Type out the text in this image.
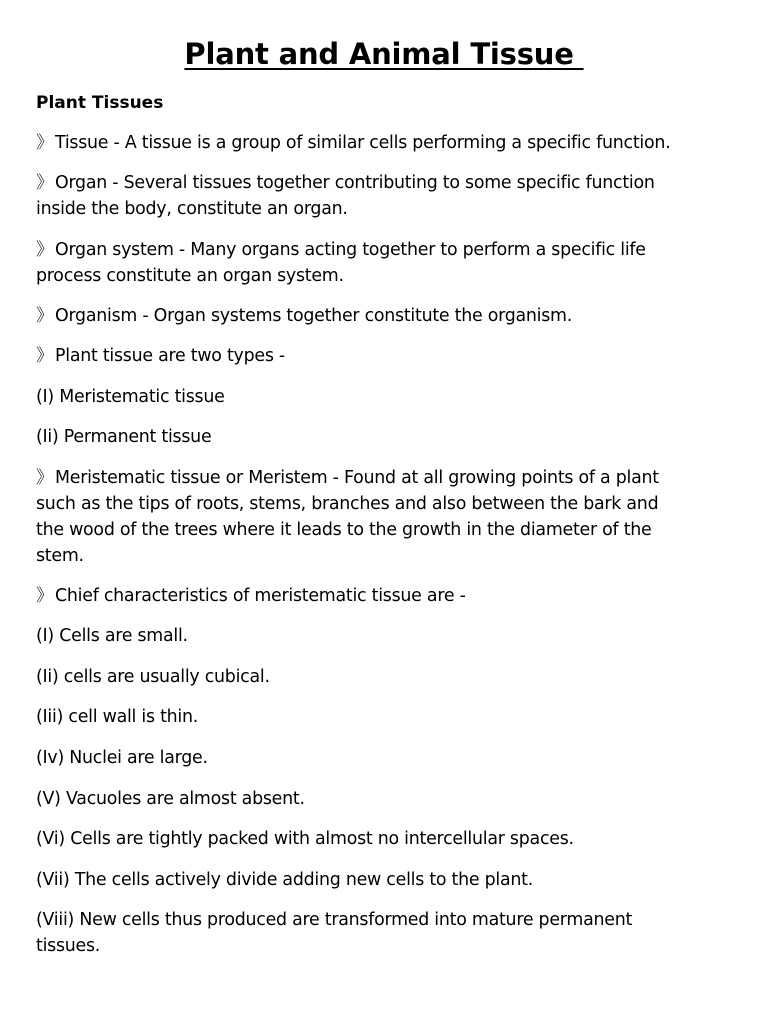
Plant and Animal Tissue
Plant Tissues
》 Tissue - A tissue is a group of similar cells performing a specific function.
》 Organ - Several tissues together contributing to some specific function
inside the body, constitute an organ.
》 Organ system - Many organs acting together to perform a specific life
process constitute an organ system.
》 Organism - Organ systems together constitute the organism.
》 Plant tissue are two types -
(I) Meristematic tissue
(Ii) Permanent tissue
》 Meristematic tissue or Meristem - Found at all growing points of a plant
such as the tips of roots, stems, branches and also between the bark and
the wood of the trees where it leads to the growth in the diameter of the
stem.
》 Chief characteristics of meristematic tissue are -
(I) Cells are small.
(Ii) cells are usually cubical.
(Iii) cell wall is thin.
(Iv) Nuclei are large.
(V) Vacuoles are almost absent.
(Vi) Cells are tightly packed with almost no intercellular spaces.
(Vii) The cells actively divide adding new cells to the plant.
(Viii) New cells thus produced are transformed into mature permanent
tissues.
